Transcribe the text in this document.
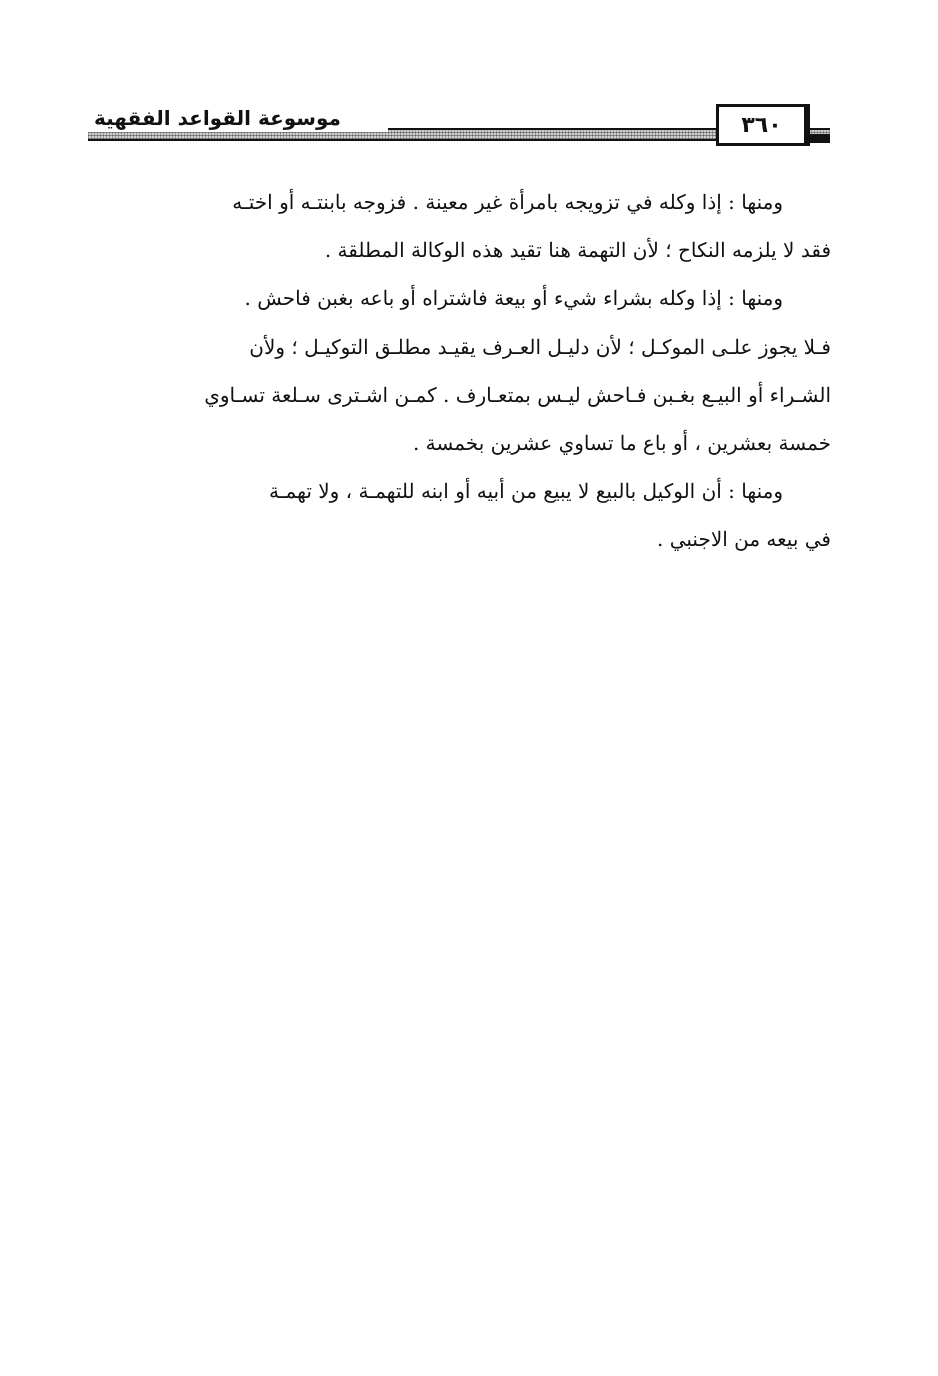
موسوعة القواعد الفقهية	٣٦٠
ومنها : إذا وكله في تزويجه بامرأة غير معينة . فزوجه بابنتـه أو اختـه
فقد لا يلزمه النكاح ؛ لأن التهمة هنا تقيد هذه الوكالة المطلقة .
ومنها : إذا وكله بشراء شيء أو بيعة فاشتراه أو باعه بغبن فاحش .
فـلا يجوز علـى الموكـل ؛ لأن دليـل العـرف يقيـد مطلـق التوكيـل ؛ ولأن
الشـراء أو البيـع بغـبن فـاحش ليـس بمتعـارف . كمـن اشـترى سـلعة تسـاوي
خمسة بعشرين ، أو باع ما تساوي عشرين بخمسة .
ومنها : أن الوكيل بالبيع لا يبيع من أبيه أو ابنه للتهمـة ، ولا تهمـة
في بيعه من الاجنبي .
